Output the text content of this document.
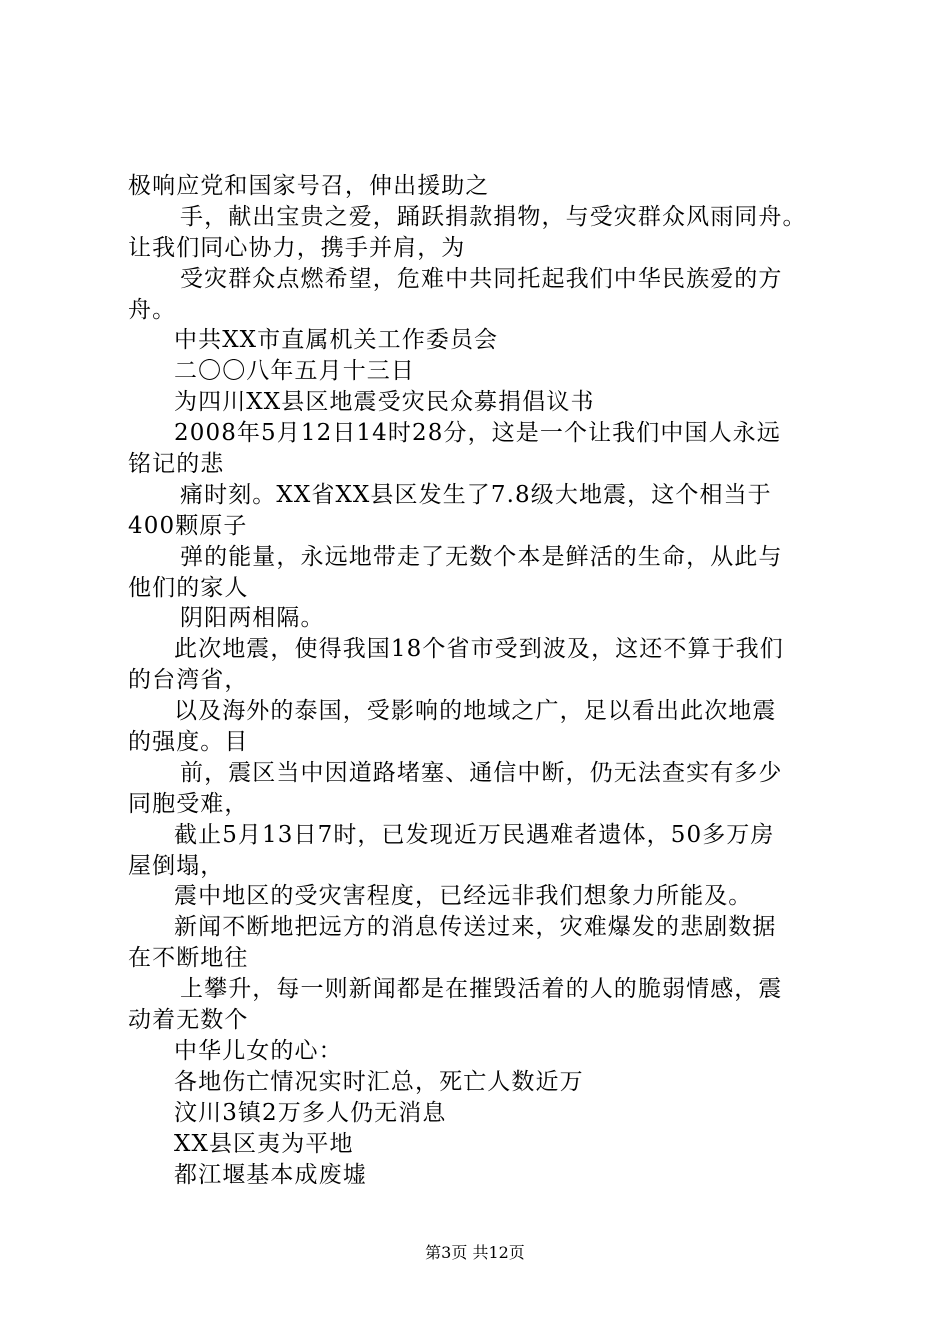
极响应党和国家号召，伸出援助之
手，献出宝贵之爱，踊跃捐款捐物，与受灾群众风雨同舟。
让我们同心协力，携手并肩，为
受灾群众点燃希望，危难中共同托起我们中华民族爱的方
舟。
中共XX市直属机关工作委员会
二〇〇八年五月十三日
为四川XX县区地震受灾民众募捐倡议书
2008年5月12日14时28分，这是一个让我们中国人永远
铭记的悲
痛时刻。XX省XX县区发生了7.8级大地震，这个相当于
400颗原子
弹的能量，永远地带走了无数个本是鲜活的生命，从此与
他们的家人
阴阳两相隔。
此次地震，使得我国18个省市受到波及，这还不算于我们
的台湾省，
以及海外的泰国，受影响的地域之广，足以看出此次地震
的强度。目
前，震区当中因道路堵塞、通信中断，仍无法查实有多少
同胞受难，
截止5月13日7时，已发现近万民遇难者遗体，50多万房
屋倒塌，
震中地区的受灾害程度，已经远非我们想象力所能及。
新闻不断地把远方的消息传送过来，灾难爆发的悲剧数据
在不断地往
上攀升，每一则新闻都是在摧毁活着的人的脆弱情感，震
动着无数个
中华儿女的心：
各地伤亡情况实时汇总，死亡人数近万
汶川3镇2万多人仍无消息
XX县区夷为平地
都江堰基本成废墟
第3页 共12页
